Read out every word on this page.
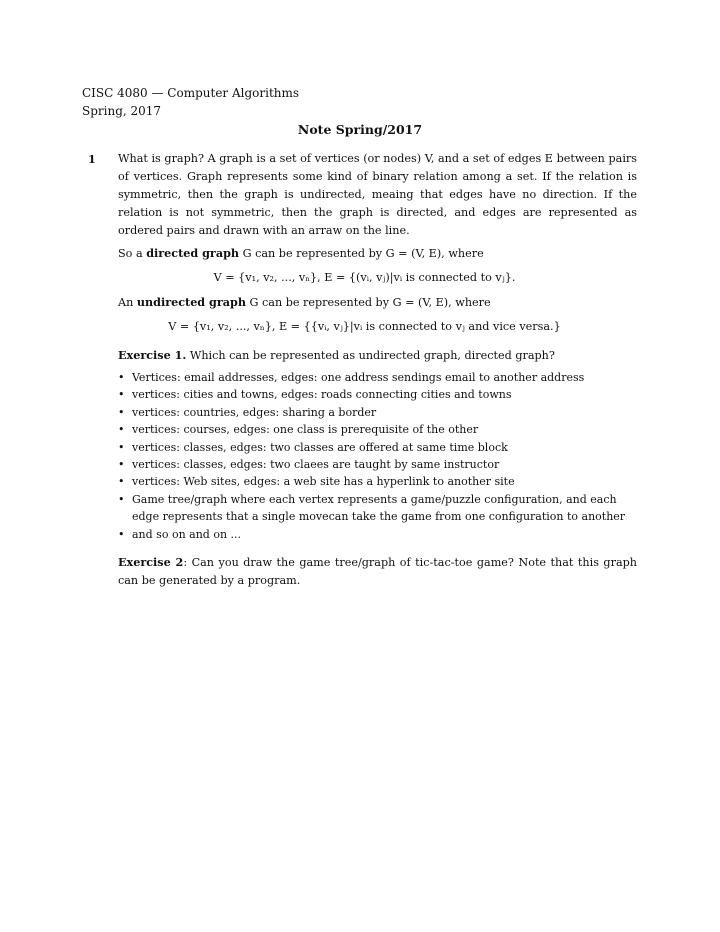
CISC 4080 — Computer Algorithms
Spring, 2017
Note Spring/2017
1	What is graph? A graph is a set of vertices (or nodes) V, and a set of edges E between pairs of vertices. Graph represents some kind of binary relation among a set. If the relation is symmetric, then the graph is undirected, meaing that edges have no direction. If the relation is not symmetric, then the graph is directed, and edges are represented as ordered pairs and drawn with an arraw on the line.

So a directed graph G can be represented by G = (V, E), where

V = {v₁, v₂, ..., vₙ}, E = {(vᵢ, vⱼ)|vᵢ is connected to vⱼ}.

An undirected graph G can be represented by G = (V, E), where

V = {v₁, v₂, ..., vₙ}, E = {{vᵢ, vⱼ}|vᵢ is connected to vⱼ and vice versa.}

Exercise 1. Which can be represented as undirected graph, directed graph?

• Vertices: email addresses, edges: one address sendings email to another address
• vertices: cities and towns, edges: roads connecting cities and towns
• vertices: countries, edges: sharing a border
• vertices: courses, edges: one class is prerequisite of the other
• vertices: classes, edges: two classes are offered at same time block
• vertices: classes, edges: two claees are taught by same instructor
• vertices: Web sites, edges: a web site has a hyperlink to another site
• Game tree/graph where each vertex represents a game/puzzle configuration, and each edge represents that a single movecan take the game from one configuration to another
• and so on and on ...

Exercise 2: Can you draw the game tree/graph of tic-tac-toe game? Note that this graph can be generated by a program.
